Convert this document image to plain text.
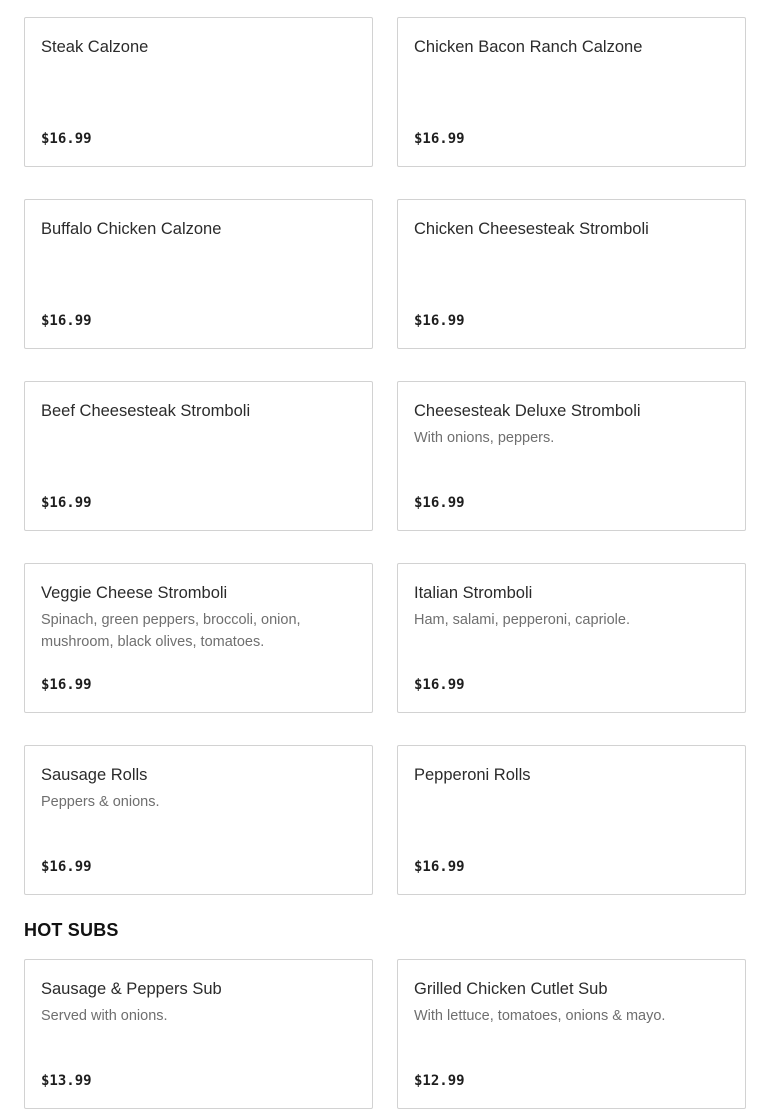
Steak Calzone
$16.99
Chicken Bacon Ranch Calzone
$16.99
Buffalo Chicken Calzone
$16.99
Chicken Cheesesteak Stromboli
$16.99
Beef Cheesesteak Stromboli
$16.99
Cheesesteak Deluxe Stromboli
With onions, peppers.
$16.99
Veggie Cheese Stromboli
Spinach, green peppers, broccoli, onion, mushroom, black olives, tomatoes.
$16.99
Italian Stromboli
Ham, salami, pepperoni, capriole.
$16.99
Sausage Rolls
Peppers & onions.
$16.99
Pepperoni Rolls
$16.99
HOT SUBS
Sausage & Peppers Sub
Served with onions.
$13.99
Grilled Chicken Cutlet Sub
With lettuce, tomatoes, onions & mayo.
$12.99
